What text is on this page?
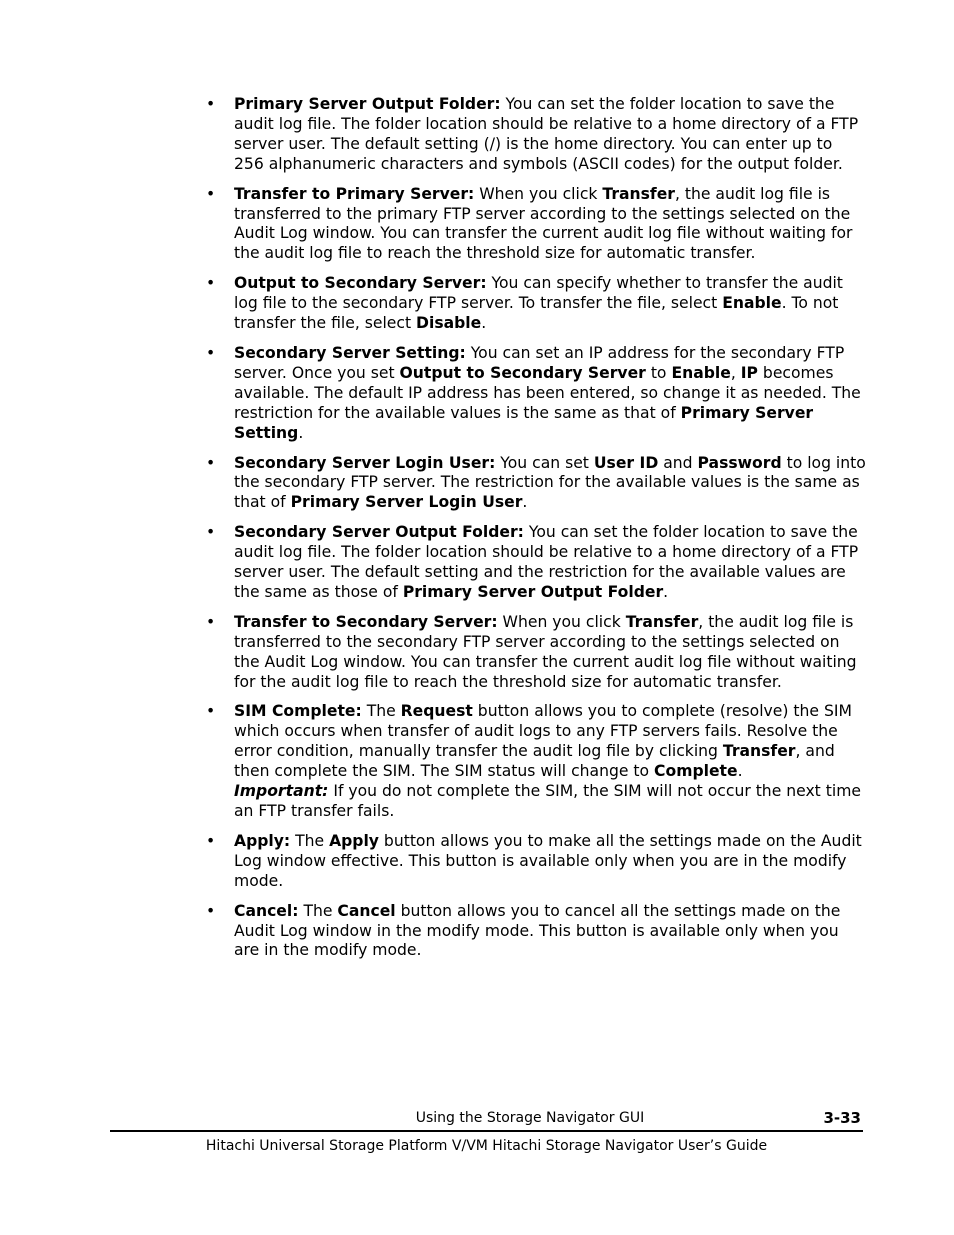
• Primary Server Output Folder: You can set the folder location to save the audit log file. The folder location should be relative to a home directory of a FTP server user. The default setting (/) is the home directory. You can enter up to 256 alphanumeric characters and symbols (ASCII codes) for the output folder.

• Transfer to Primary Server: When you click Transfer, the audit log file is transferred to the primary FTP server according to the settings selected on the Audit Log window. You can transfer the current audit log file without waiting for the audit log file to reach the threshold size for automatic transfer.

• Output to Secondary Server: You can specify whether to transfer the audit log file to the secondary FTP server. To transfer the file, select Enable. To not transfer the file, select Disable.

• Secondary Server Setting: You can set an IP address for the secondary FTP server. Once you set Output to Secondary Server to Enable, IP becomes available. The default IP address has been entered, so change it as needed. The restriction for the available values is the same as that of Primary Server Setting.

• Secondary Server Login User: You can set User ID and Password to log into the secondary FTP server. The restriction for the available values is the same as that of Primary Server Login User.

• Secondary Server Output Folder: You can set the folder location to save the audit log file. The folder location should be relative to a home directory of a FTP server user. The default setting and the restriction for the available values are the same as those of Primary Server Output Folder.

• Transfer to Secondary Server: When you click Transfer, the audit log file is transferred to the secondary FTP server according to the settings selected on the Audit Log window. You can transfer the current audit log file without waiting for the audit log file to reach the threshold size for automatic transfer.

• SIM Complete: The Request button allows you to complete (resolve) the SIM which occurs when transfer of audit logs to any FTP servers fails. Resolve the error condition, manually transfer the audit log file by clicking Transfer, and then complete the SIM. The SIM status will change to Complete.
Important: If you do not complete the SIM, the SIM will not occur the next time an FTP transfer fails.

• Apply: The Apply button allows you to make all the settings made on the Audit Log window effective. This button is available only when you are in the modify mode.

• Cancel: The Cancel button allows you to cancel all the settings made on the Audit Log window in the modify mode. This button is available only when you are in the modify mode.

Using the Storage Navigator GUI	3-33
Hitachi Universal Storage Platform V/VM Hitachi Storage Navigator User’s Guide
